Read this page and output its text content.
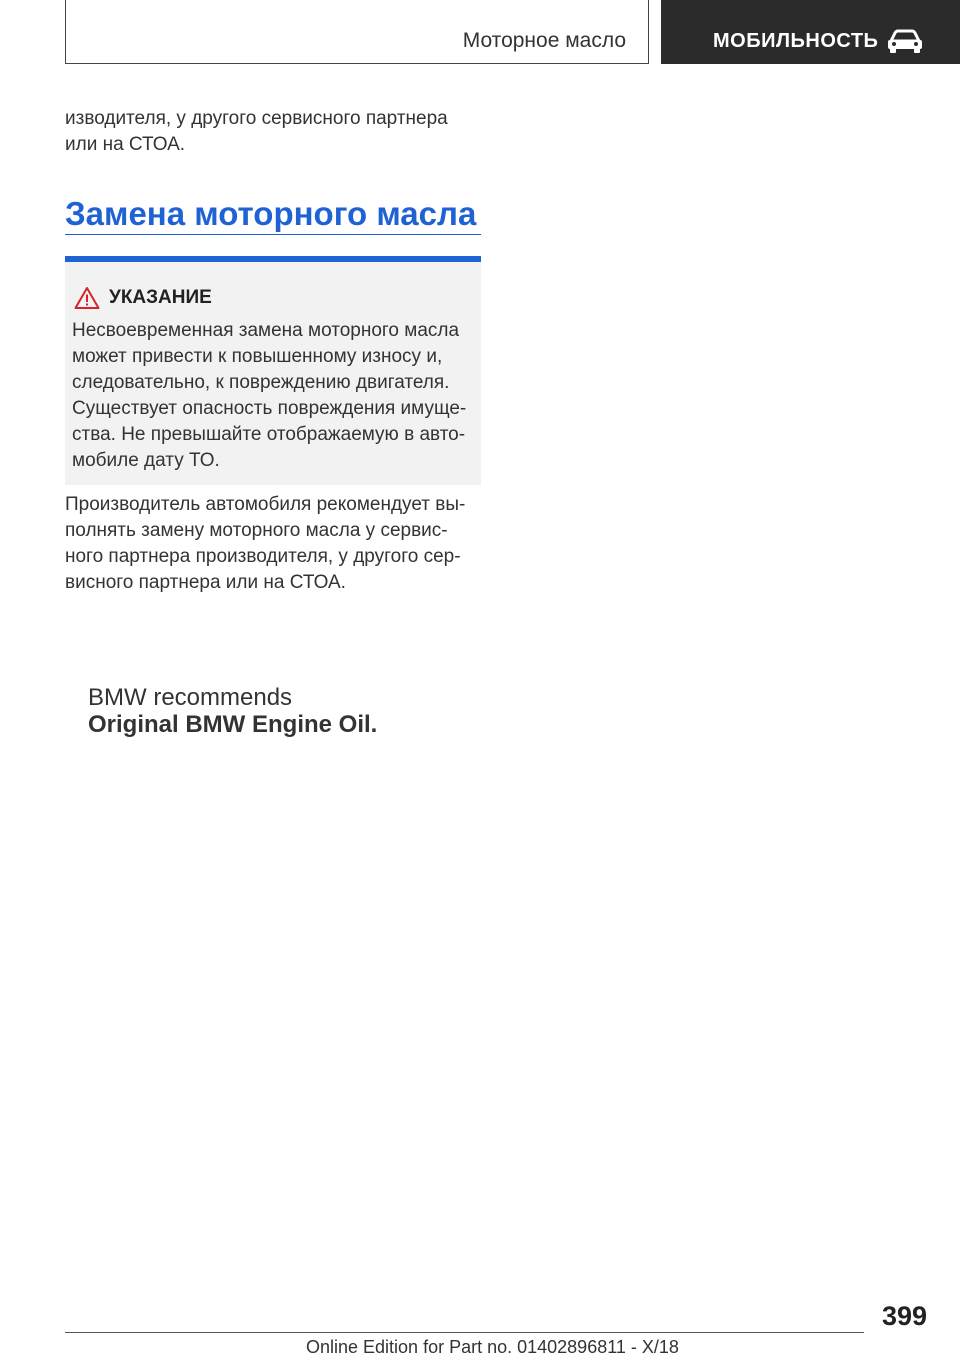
Моторное масло	МОБИЛЬНОСТЬ
изводителя, у другого сервисного партнера
или на СТОА.
Замена моторного масла
УКАЗАНИЕ
Несвоевременная замена моторного масла
может привести к повышенному износу и,
следовательно, к повреждению двигателя.
Существует опасность повреждения имуще‐
ства. Не превышайте отображаемую в авто‐
мобиле дату ТО.
Производитель автомобиля рекомендует вы‐
полнять замену моторного масла у сервис‐
ного партнера производителя, у другого сер‐
висного партнера или на СТОА.
BMW recommends
Original BMW Engine Oil.
399
Online Edition for Part no. 01402896811 - X/18
